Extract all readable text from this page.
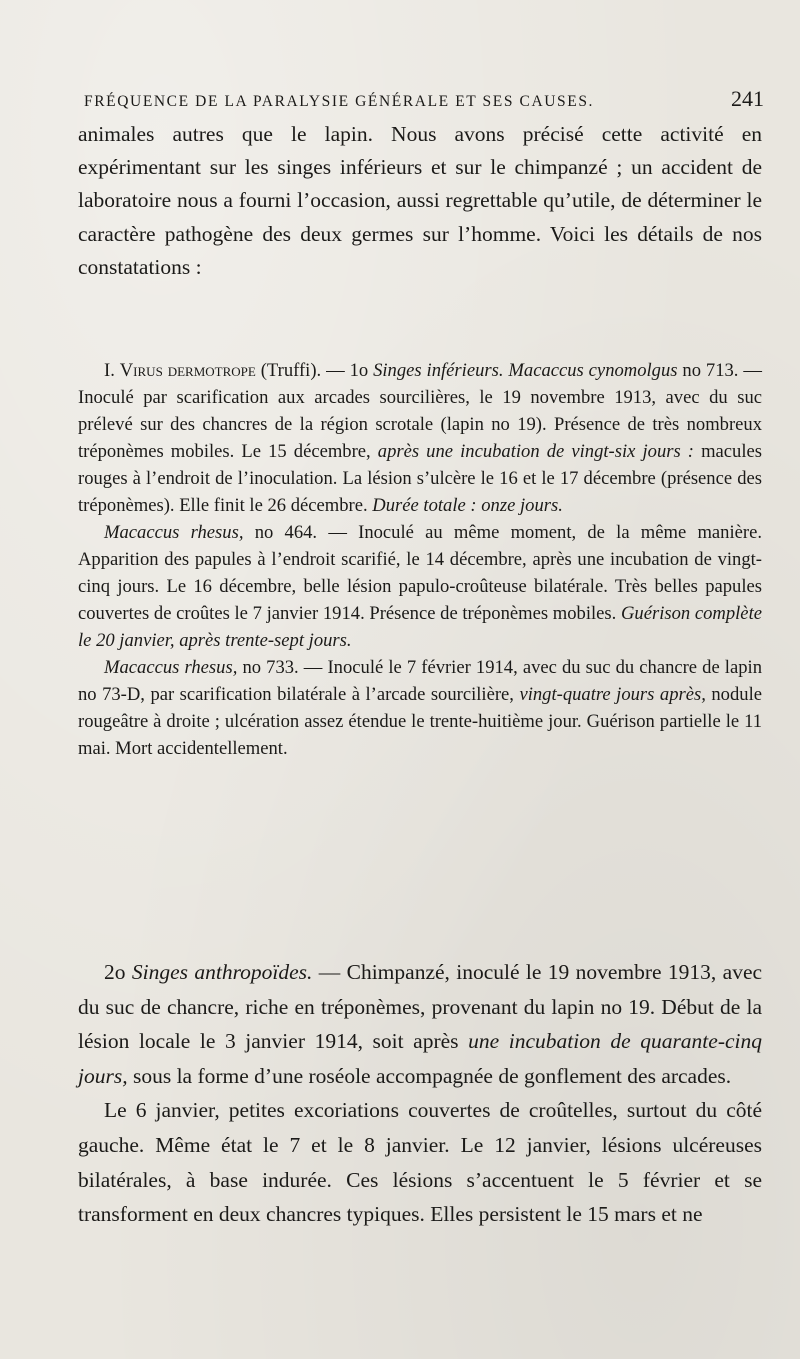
FRÉQUENCE DE LA PARALYSIE GÉNÉRALE ET SES CAUSES.	241

animales autres que le lapin. Nous avons précisé cette activité en expérimentant sur les singes inférieurs et sur le chimpanzé ; un accident de laboratoire nous a fourni l’occasion, aussi regrettable qu’utile, de déterminer le caractère pathogène des deux germes sur l’homme. Voici les détails de nos constatations :

I. Virus dermotrope (Truffi). — 1o Singes inférieurs. Macaccus cynomolgus no 713. — Inoculé par scarification aux arcades sourcilières, le 19 novembre 1913, avec du suc prélevé sur des chancres de la région scrotale (lapin no 19). Présence de très nombreux tréponèmes mobiles. Le 15 décembre, après une incubation de vingt-six jours : macules rouges à l’endroit de l’inoculation. La lésion s’ulcère le 16 et le 17 décembre (présence des tréponèmes). Elle finit le 26 décembre. Durée totale : onze jours.

Macaccus rhesus, no 464. — Inoculé au même moment, de la même manière. Apparition des papules à l’endroit scarifié, le 14 décembre, après une incubation de vingt-cinq jours. Le 16 décembre, belle lésion papulo-croûteuse bilatérale. Très belles papules couvertes de croûtes le 7 janvier 1914. Présence de tréponèmes mobiles. Guérison complète le 20 janvier, après trente-sept jours.

Macaccus rhesus, no 733. — Inoculé le 7 février 1914, avec du suc du chancre de lapin no 73-D, par scarification bilatérale à l’arcade sourcilière, vingt-quatre jours après, nodule rougeâtre à droite ; ulcération assez étendue le trente-huitième jour. Guérison partielle le 11 mai. Mort accidentellement.

2o Singes anthropoïdes. — Chimpanzé, inoculé le 19 novembre 1913, avec du suc de chancre, riche en tréponèmes, provenant du lapin no 19. Début de la lésion locale le 3 janvier 1914, soit après une incubation de quarante-cinq jours, sous la forme d’une roséole accompagnée de gonflement des arcades.

Le 6 janvier, petites excoriations couvertes de croûtelles, surtout du côté gauche. Même état le 7 et le 8 janvier. Le 12 janvier, lésions ulcéreuses bilatérales, à base indurée. Ces lésions s’accentuent le 5 février et se transforment en deux chancres typiques. Elles persistent le 15 mars et ne
